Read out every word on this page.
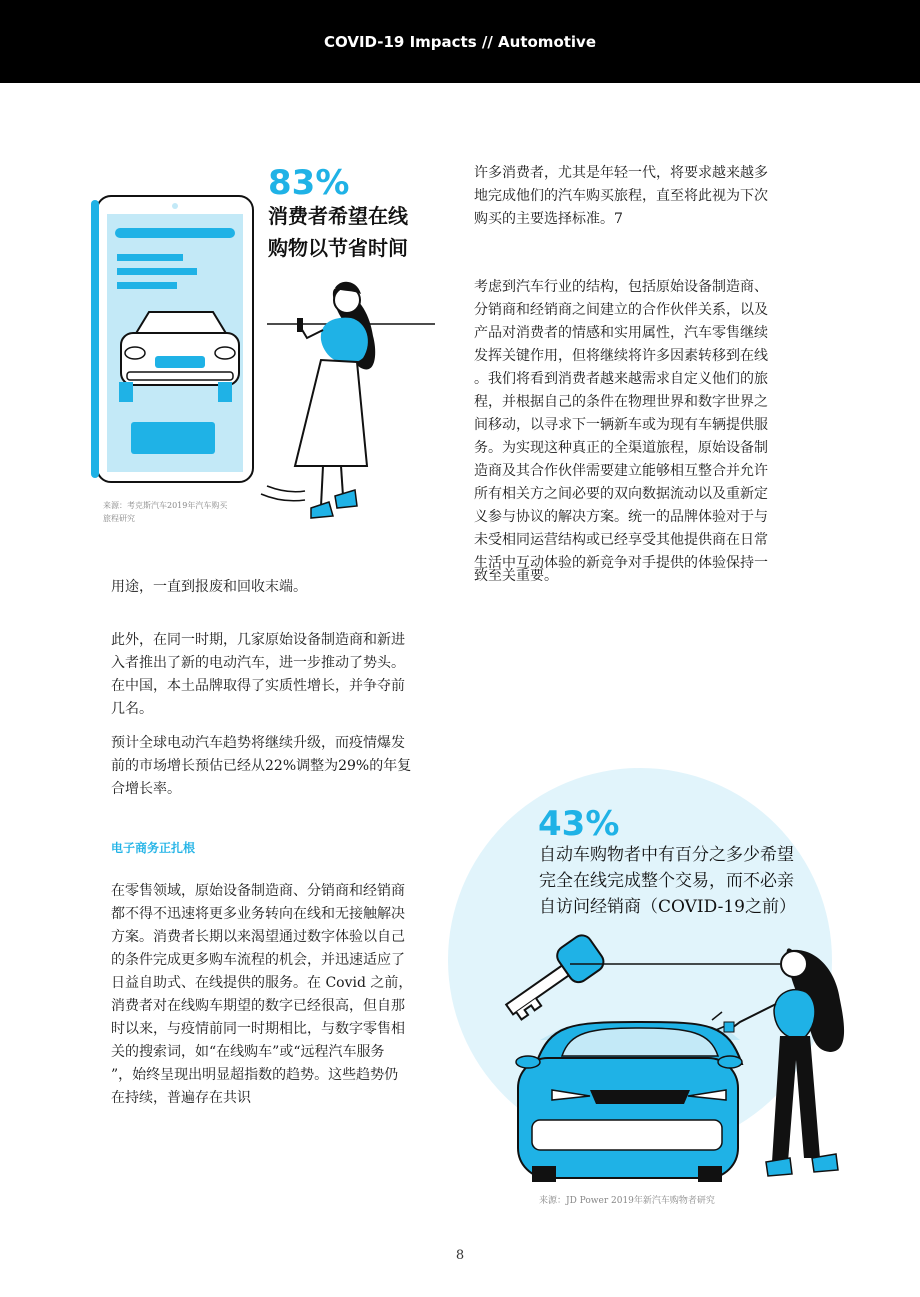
COVID-19 Impacts // Automotive
83%
消费者希望在线
购物以节省时间
来源：考克斯汽车2019年汽车购买
旅程研究

用途，一直到报废和回收末端。

此外，在同一时期，几家原始设备制造商和新进

入者推出了新的电动汽车，进一步推动了势头。

在中国，本土品牌取得了实质性增长，并争夺前

几名。

预计全球电动汽车趋势将继续升级，而疫情爆发

前的市场增长预估已经从22%调整为29%的年复

合增长率。

电子商务正扎根

在零售领域，原始设备制造商、分销商和经销商

都不得不迅速将更多业务转向在线和无接触解决

方案。消费者长期以来渴望通过数字体验以自己

的条件完成更多购车流程的机会，并迅速适应了

日益自助式、在线提供的服务。在 Covid 之前，

消费者对在线购车期望的数字已经很高，但自那

时以来，与疫情前同一时期相比，与数字零售相

关的搜索词，如“在线购车”或“远程汽车服务

”，始终呈现出明显超指数的趋势。这些趋势仍

在持续，普遍存在共识

许多消费者，尤其是年轻一代，将要求越来越多

地完成他们的汽车购买旅程，直至将此视为下次

购买的主要选择标准。7

考虑到汽车行业的结构，包括原始设备制造商、

分销商和经销商之间建立的合作伙伴关系，以及

产品对消费者的情感和实用属性，汽车零售继续

发挥关键作用，但将继续将许多因素转移到在线

。我们将看到消费者越来越需求自定义他们的旅

程，并根据自己的条件在物理世界和数字世界之

间移动，以寻求下一辆新车或为现有车辆提供服

务。为实现这种真正的全渠道旅程，原始设备制

造商及其合作伙伴需要建立能够相互整合并允许

所有相关方之间必要的双向数据流动以及重新定

义参与协议的解决方案。统一的品牌体验对于与

未受相同运营结构或已经享受其他提供商在日常

生活中互动体验的新竞争对手提供的体验保持一

致至关重要。

43%
自动车购物者中有百分之多少希望
完全在线完成整个交易，而不必亲
自访问经销商（COVID-19之前）
来源：JD Power 2019年新汽车购物者研究
8
